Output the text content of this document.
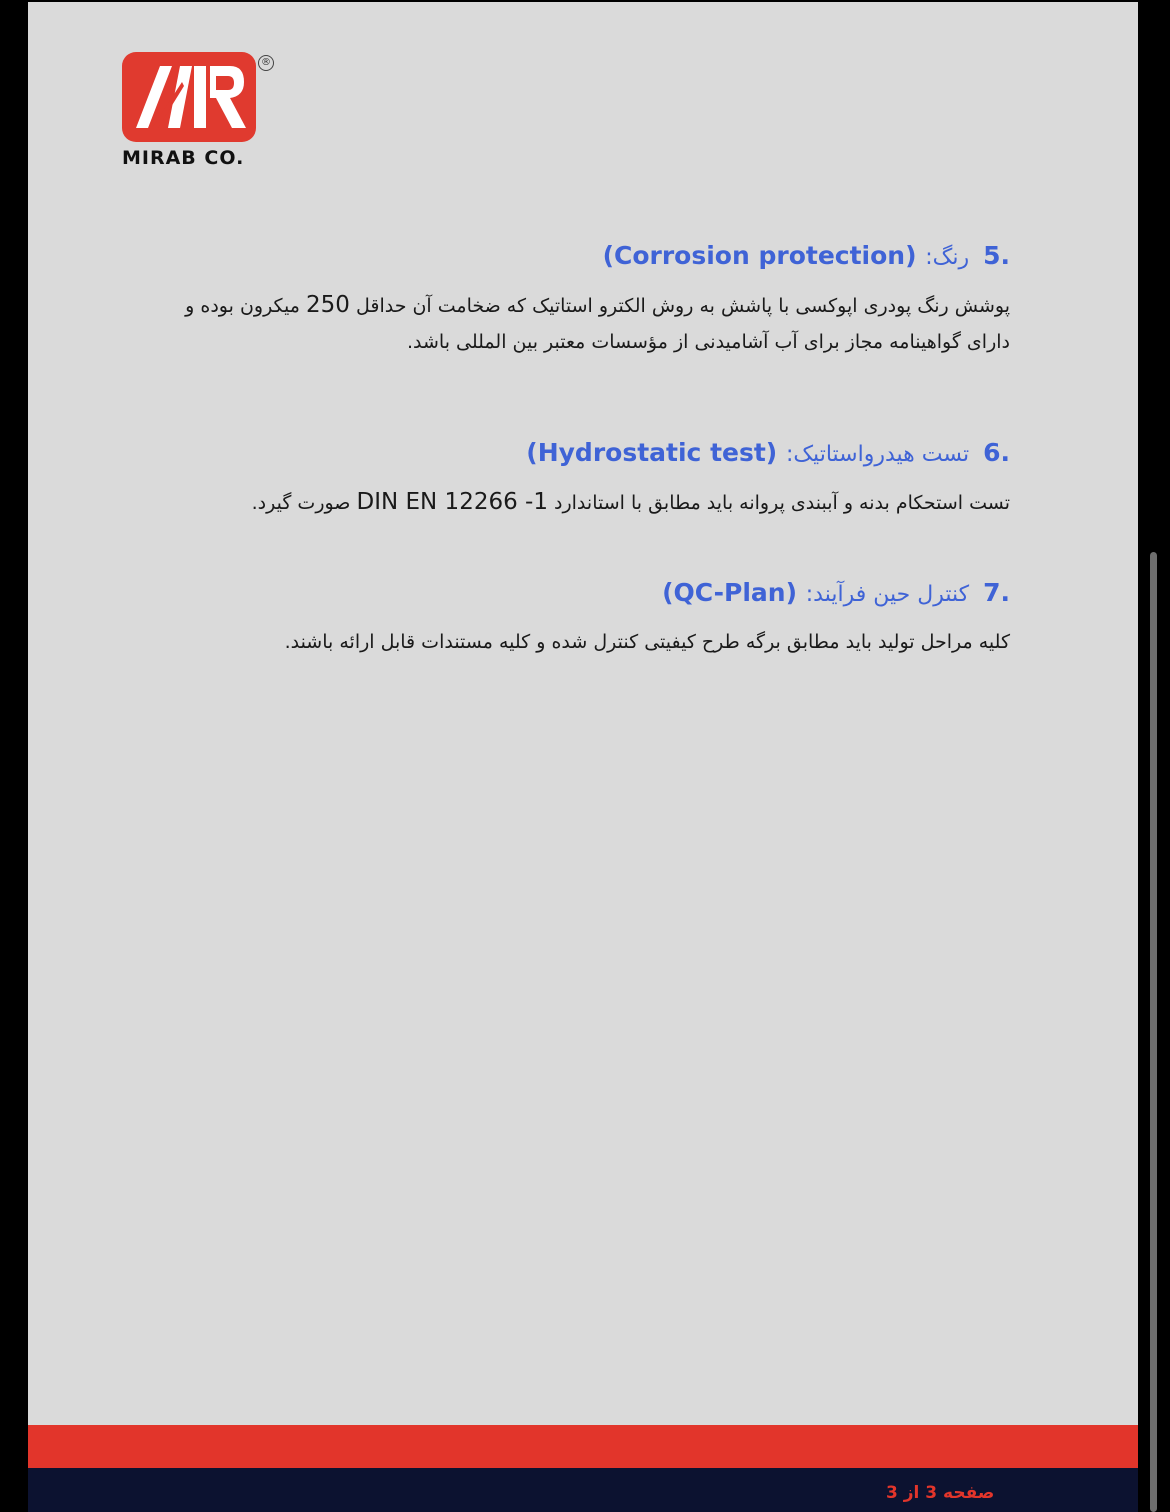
®
MIRAB CO.
.5رنگ: (Corrosion protection)
پوشش رنگ پودری اپوکسی با پاشش به روش الکترو استاتیک که ضخامت آن حداقل 250 میکرون بوده و
دارای گواهینامه مجاز برای آب آشامیدنی از مؤسسات معتبر بین المللی باشد.
.6تست هیدرواستاتیک: (Hydrostatic test)
تست استحکام بدنه و آببندی پروانه باید مطابق با استاندارد DIN EN 12266 -1 صورت گیرد.
.7کنترل حین فرآیند: (QC-Plan)
کلیه مراحل تولید باید مطابق برگه طرح کیفیتی کنترل شده و کلیه مستندات قابل ارائه باشند.
صفحه 3 از 3
